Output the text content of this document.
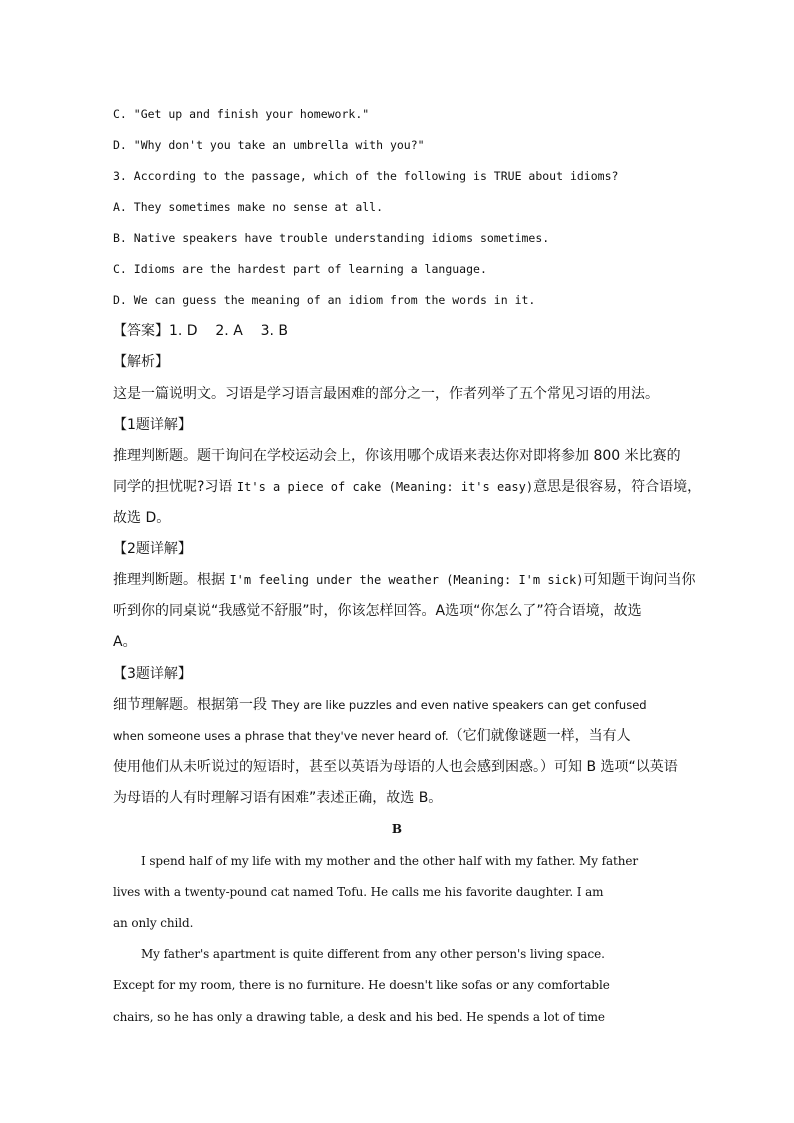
C. "Get up and finish your homework."
D. "Why don't you take an umbrella with you?"
3. According to the passage, which of the following is TRUE about idioms?
A. They sometimes make no sense at all.
B. Native speakers have trouble understanding idioms sometimes.
C. Idioms are the hardest part of learning a language.
D. We can guess the meaning of an idiom from the words in it.
【答案】1. D    2. A    3. B
【解析】
这是一篇说明文。习语是学习语言最困难的部分之一，作者列举了五个常见习语的用法。
【1题详解】
推理判断题。题干询问在学校运动会上，你该用哪个成语来表达你对即将参加 800 米比赛的
同学的担忧呢?习语 It's a piece of cake (Meaning: it's easy)意思是很容易，符合语境，
故选 D。
【2题详解】
推理判断题。根据 I'm feeling under the weather (Meaning: I'm sick)可知题干询问当你
听到你的同桌说“我感觉不舒服”时，你该怎样回答。A选项“你怎么了”符合语境，故选
A。
【3题详解】
细节理解题。根据第一段 They are like puzzles and even native speakers can get confused
when someone uses a phrase that they've never heard of.（它们就像谜题一样，当有人
使用他们从未听说过的短语时，甚至以英语为母语的人也会感到困惑。）可知 B 选项“以英语
为母语的人有时理解习语有困难”表述正确，故选 B。
B
I spend half of my life with my mother and the other half with my father. My father
lives with a twenty-pound cat named Tofu. He calls me his favorite daughter. I am
an only child.
My father's apartment is quite different from any other person's living space.
Except for my room, there is no furniture. He doesn't like sofas or any comfortable
chairs, so he has only a drawing table, a desk and his bed. He spends a lot of time
